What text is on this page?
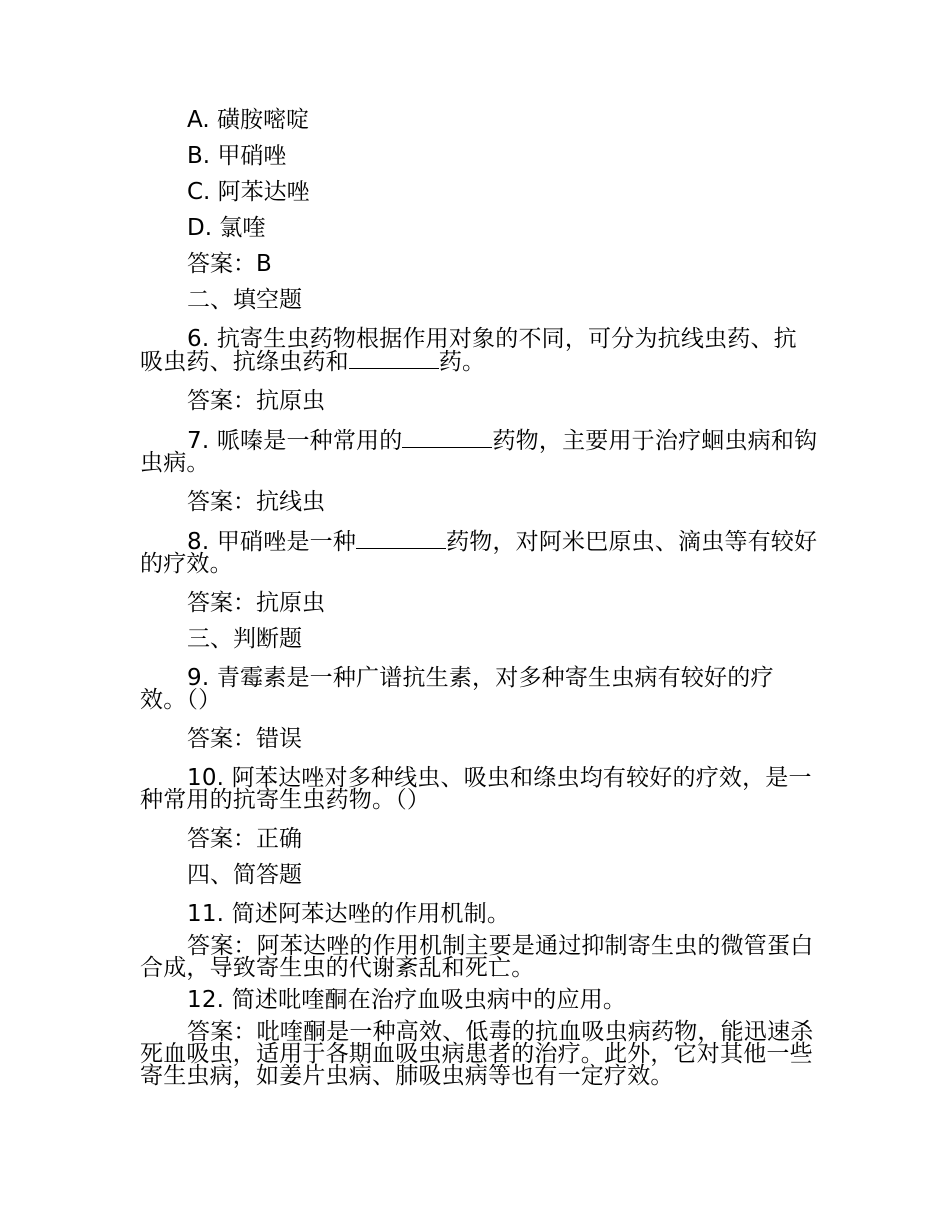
A. 磺胺嘧啶
B. 甲硝唑
C. 阿苯达唑
D. 氯喹
答案：B
二、填空题
6. 抗寄生虫药物根据作用对象的不同，可分为抗线虫药、抗吸虫药、抗绦虫药和	药。
答案：抗原虫
7. 哌嗪是一种常用的	药物，主要用于治疗蛔虫病和钩虫病。
答案：抗线虫
8. 甲硝唑是一种	药物，对阿米巴原虫、滴虫等有较好的疗效。
答案：抗原虫
三、判断题
9. 青霉素是一种广谱抗生素，对多种寄生虫病有较好的疗效。（）
答案：错误
10. 阿苯达唑对多种线虫、吸虫和绦虫均有较好的疗效，是一种常用的抗寄生虫药物。（）
答案：正确
四、简答题
11. 简述阿苯达唑的作用机制。
答案：阿苯达唑的作用机制主要是通过抑制寄生虫的微管蛋白合成，导致寄生虫的代谢紊乱和死亡。
12. 简述吡喹酮在治疗血吸虫病中的应用。
答案：吡喹酮是一种高效、低毒的抗血吸虫病药物，能迅速杀死血吸虫，适用于各期血吸虫病患者的治疗。此外，它对其他一些寄生虫病，如姜片虫病、肺吸虫病等也有一定疗效。
